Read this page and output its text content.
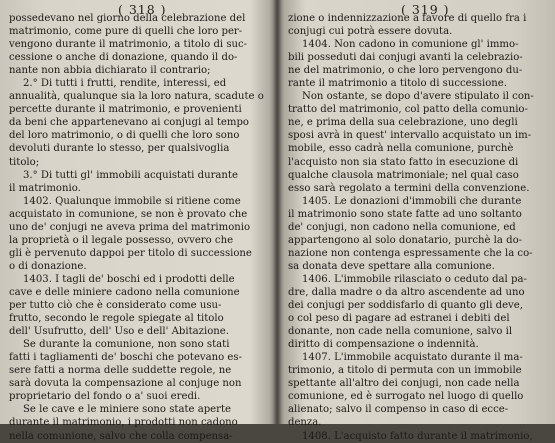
( 318 )
possedevano nel giorno della celebrazione del
matrimonio, come pure di quelli che loro per-
vengono durante il matrimonio, a titolo di suc-
cessione o anche di donazione, quando il do-
nante non abbia dichiarato il contrario;
2.° Di tutti i frutti, rendite, interessi, ed
annualità, qualunque sia la loro natura, scadute o
percette durante il matrimonio, e provenienti
da beni che appartenevano ai conjugi al tempo
del loro matrimonio, o di quelli che loro sono
devoluti durante lo stesso, per qualsivoglia
titolo;
3.° Di tutti gl' immobili acquistati durante
il matrimonio.
1402. Qualunque immobile si ritiene come
acquistato in comunione, se non è provato che
uno de' conjugi ne aveva prima del matrimonio
la proprietà o il legale possesso, ovvero che
gli è pervenuto dappoi per titolo di successione
o di donazione.
1403. I tagli de' boschi ed i prodotti delle
cave e delle miniere cadono nella comunione
per tutto ciò che è considerato come usu-
frutto, secondo le regole spiegate al titolo
dell' Usufrutto, dell' Uso e dell' Abitazione.
Se durante la comunione, non sono stati
fatti i tagliamenti de' boschi che potevano es-
sere fatti a norma delle suddette regole, ne
sarà dovuta la compensazione al conjuge non
proprietario del fondo o a' suoi eredi.
Se le cave e le miniere sono state aperte
durante il matrimonio, i prodotti non cadono
nella comunione, salvo che colla compensa-
( 319 )
zione o indennizzazione a favore di quello fra i
conjugi cui potrà essere dovuta.
1404. Non cadono in comunione gl' immo-
bili posseduti dai conjugi avanti la celebrazio-
ne del matrimonio, o che loro pervengono du-
rante il matrimonio a titolo di successione.
Non ostante, se dopo d'avere stipulato il con-
tratto del matrimonio, col patto della comunio-
ne, e prima della sua celebrazione, uno degli
sposi avrà in quest' intervallo acquistato un im-
mobile, esso cadrà nella comunione, purchè
l'acquisto non sia stato fatto in esecuzione di
qualche clausola matrimoniale; nel qual caso
esso sarà regolato a termini della convenzione.
1405. Le donazioni d'immobili che durante
il matrimonio sono state fatte ad uno soltanto
de' conjugi, non cadono nella comunione, ed
appartengono al solo donatario, purchè la do-
nazione non contenga espressamente che la co-
sa donata deve spettare alla comunione.
1406. L'immobile rilasciato o ceduto dal pa-
dre, dalla madre o da altro ascendente ad uno
dei conjugi per soddisfarlo di quanto gli deve,
o col peso di pagare ad estranei i debiti del
donante, non cade nella comunione, salvo il
diritto di compensazione o indennità.
1407. L'immobile acquistato durante il ma-
trimonio, a titolo di permuta con un immobile
spettante all'altro dei conjugi, non cade nella
comunione, ed è surrogato nel luogo di quello
alienato; salvo il compenso in caso di ecce-
denza.
1408. L'acquisto fatto durante il matrimonio,
